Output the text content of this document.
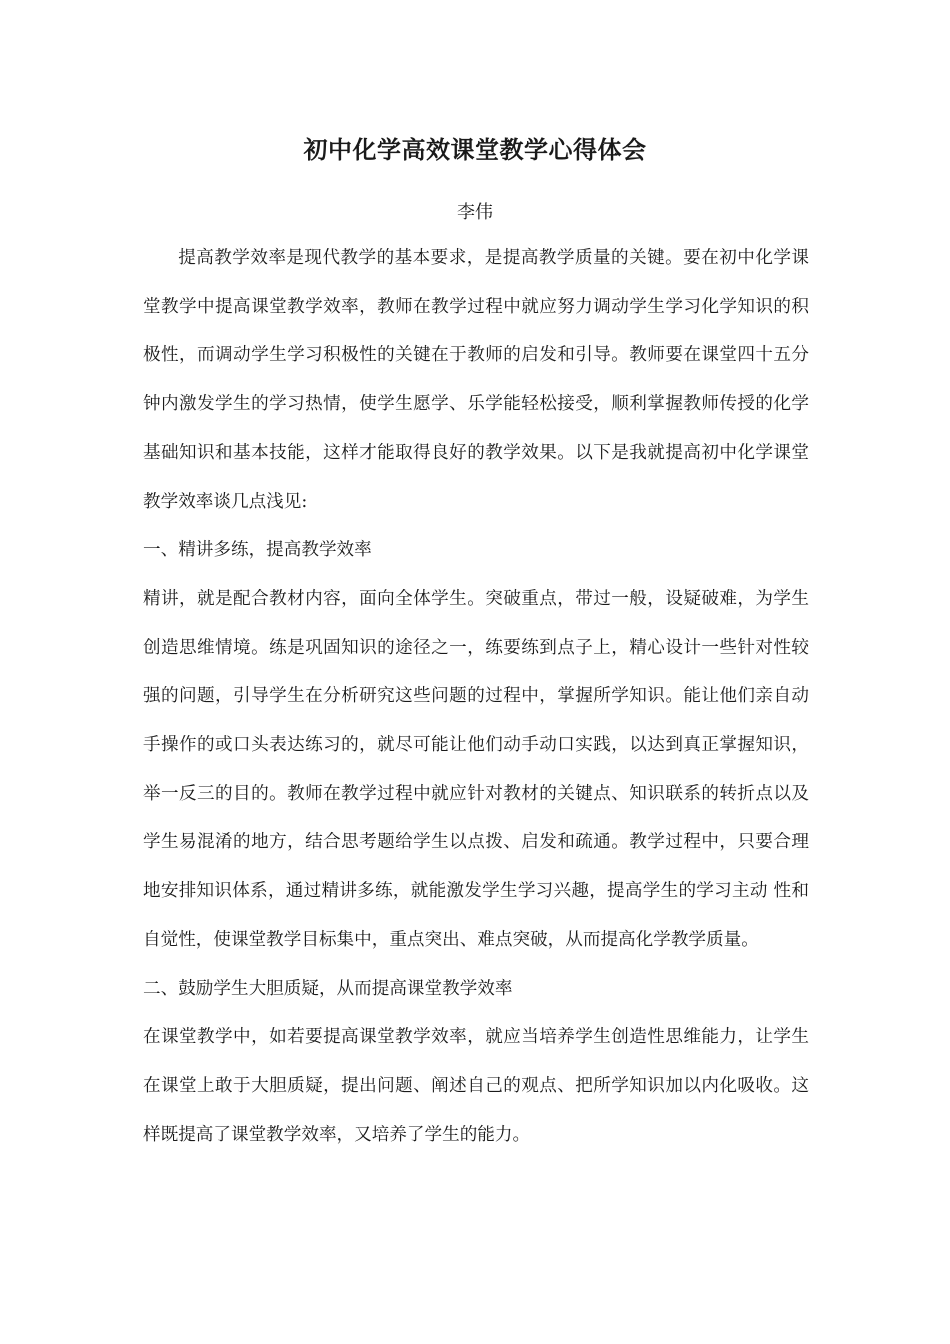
初中化学高效课堂教学心得体会
李伟

提高教学效率是现代教学的基本要求，是提高教学质量的关键。要在初中化学课堂教学中提高课堂教学效率，教师在教学过程中就应努力调动学生学习化学知识的积极性，而调动学生学习积极性的关键在于教师的启发和引导。教师要在课堂四十五分钟内激发学生的学习热情，使学生愿学、乐学能轻松接受，顺利掌握教师传授的化学基础知识和基本技能，这样才能取得良好的教学效果。以下是我就提高初中化学课堂教学效率谈几点浅见:

一、精讲多练，提高教学效率

精讲，就是配合教材内容，面向全体学生。突破重点，带过一般，设疑破难，为学生创造思维情境。练是巩固知识的途径之一，练要练到点子上，精心设计一些针对性较强的问题，引导学生在分析研究这些问题的过程中，掌握所学知识。能让他们亲自动手操作的或口头表达练习的，就尽可能让他们动手动口实践，以达到真正掌握知识，举一反三的目的。教师在教学过程中就应针对教材的关键点、知识联系的转折点以及学生易混淆的地方，结合思考题给学生以点拨、启发和疏通。教学过程中，只要合理地安排知识体系，通过精讲多练，就能激发学生学习兴趣，提高学生的学习主动 性和自觉性，使课堂教学目标集中，重点突出、难点突破，从而提高化学教学质量。

二、鼓励学生大胆质疑，从而提高课堂教学效率

在课堂教学中，如若要提高课堂教学效率，就应当培养学生创造性思维能力，让学生在课堂上敢于大胆质疑，提出问题、阐述自己的观点、把所学知识加以内化吸收。这样既提高了课堂教学效率，又培养了学生的能力。
